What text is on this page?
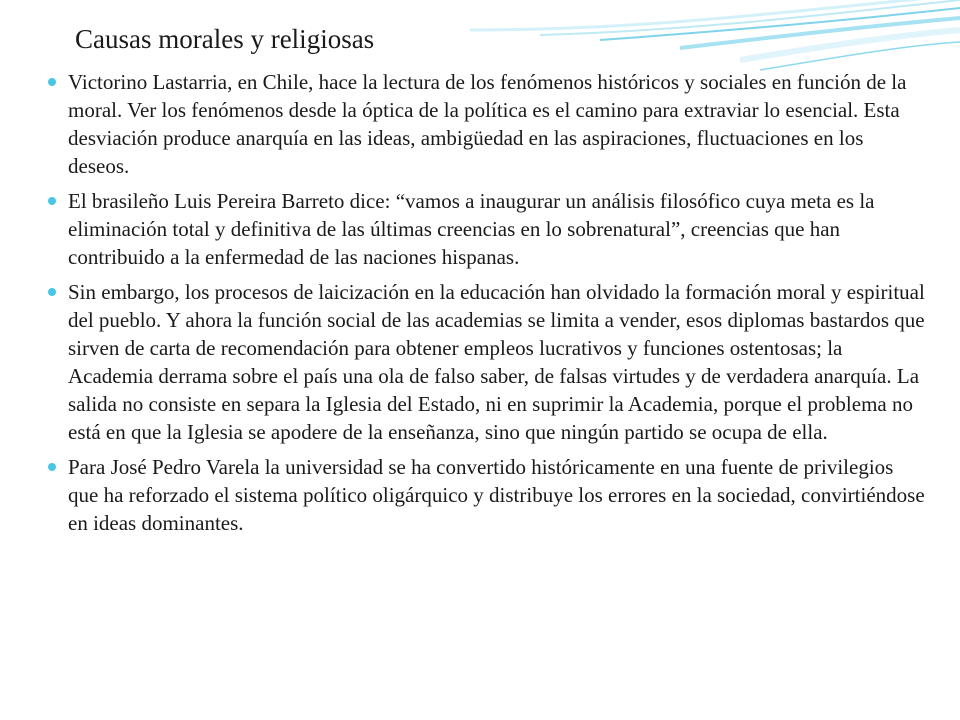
Causas morales y religiosas
Victorino Lastarria, en Chile, hace la lectura de los fenómenos históricos y sociales en función de la moral. Ver los fenómenos desde la óptica de la política es el camino para extraviar lo esencial. Esta desviación produce anarquía en las ideas, ambigüedad en las aspiraciones, fluctuaciones en los deseos.
El brasileño Luis Pereira Barreto dice: “vamos a inaugurar un análisis filosófico cuya meta es la eliminación total y definitiva de las últimas creencias en lo sobrenatural”, creencias que han contribuido a la enfermedad de las naciones hispanas.
Sin embargo, los procesos de laicización en la educación han olvidado la formación moral y espiritual del pueblo. Y ahora la función social de las academias se limita a vender, esos diplomas bastardos que sirven de carta de recomendación para obtener empleos lucrativos y funciones ostentosas; la Academia derrama sobre el país una ola de falso saber, de falsas virtudes y de verdadera anarquía. La salida no consiste en separa la Iglesia del Estado, ni en suprimir la Academia, porque el problema no está en que la Iglesia se apodere de la enseñanza, sino que ningún partido se ocupa de ella.
Para José Pedro Varela la universidad se ha convertido históricamente en una fuente de privilegios que ha reforzado el sistema político oligárquico y distribuye los errores en la sociedad, convirtiéndose en ideas dominantes.
